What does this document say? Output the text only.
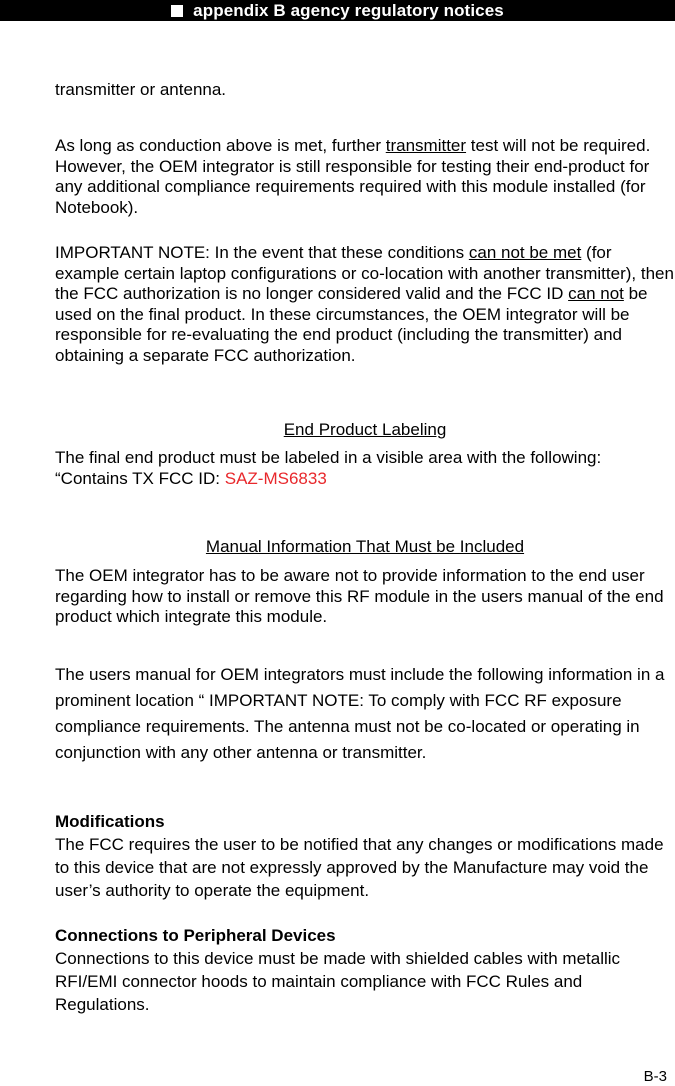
appendix B agency regulatory notices
transmitter or antenna.
As long as conduction above is met, further transmitter test will not be required. However, the OEM integrator is still responsible for testing their end-product for any additional compliance requirements required with this module installed (for Notebook).
IMPORTANT NOTE: In the event that these conditions can not be met (for example certain laptop configurations or co-location with another transmitter), then the FCC authorization is no longer considered valid and the FCC ID can not be used on the final product. In these circumstances, the OEM integrator will be responsible for re-evaluating the end product (including the transmitter) and obtaining a separate FCC authorization.
End Product Labeling
The final end product must be labeled in a visible area with the following:
“Contains TX FCC ID: SAZ-MS6833
Manual Information That Must be Included
The OEM integrator has to be aware not to provide information to the end user regarding how to install or remove this RF module in the users manual of the end product which integrate this module.
The users manual for OEM integrators must include the following information in a prominent location “ IMPORTANT NOTE: To comply with FCC RF exposure compliance requirements. The antenna must not be co-located or operating in conjunction with any other antenna or transmitter.
Modifications
The FCC requires the user to be notified that any changes or modifications made to this device that are not expressly approved by the Manufacture may void the user’s authority to operate the equipment.
Connections to Peripheral Devices
Connections to this device must be made with shielded cables with metallic RFI/EMI connector hoods to maintain compliance with FCC Rules and Regulations.
B-3
